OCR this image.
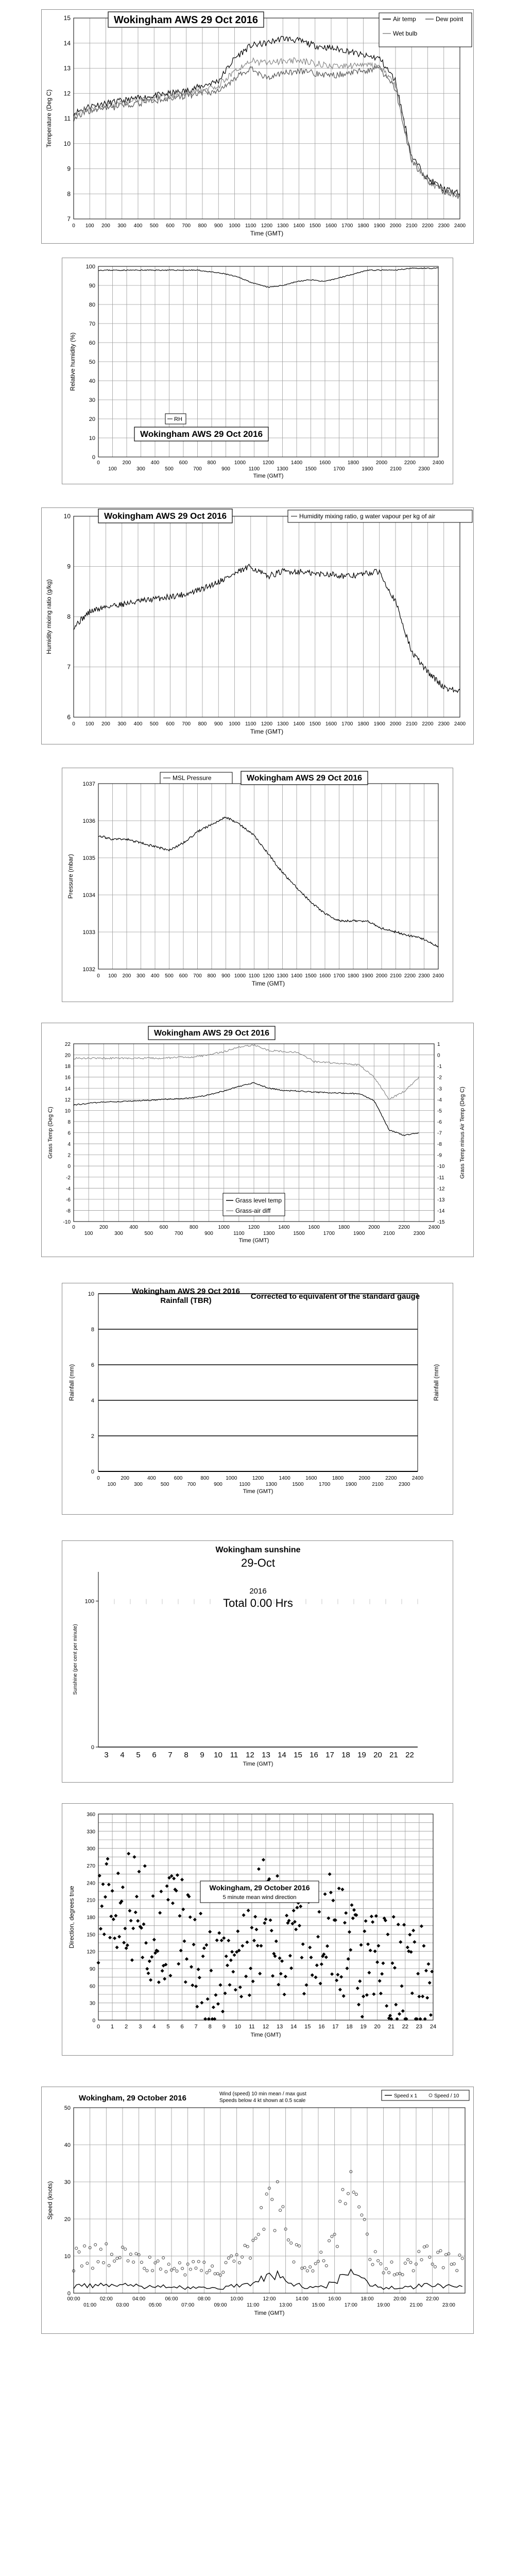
7
8
9
10
11
12
13
14
15
0 100 200 300 400 500 600 700 800 900 1000 1100 1200 1300 1400 1500 1600 1700 1800 1900 2000 2100 2200 2300 2400
Time (GMT)
Temperature (Deg C)
Wokingham AWS 29 Oct 2016	Air temp	Dew point
Wet bulb
0
10
20
30
40
50
60
70
80
90
100
0	200	400	600	800	1000	1200	1400	1600	1800	2000	2200	2400
100	300	500	700	900	1100	1300	1500	1700	1900	2100	2300
Time (GMT)
Relative humidity (%)
RH
Wokingham AWS 29 Oct 2016
6
7
8
9
10
0 100 200 300 400 500 600 700 800 900 1000 1100 1200 1300 1400 1500 1600 1700 1800 1900 2000 2100 2200 2300 2400
Time (GMT)
Humidity mixing ratio (g/kg)
Wokingham AWS 29 Oct 2016	Humidity mixing ratio, g water vapour per kg of air
1032
1033
1034
1035
1036
1037
0 100 200 300 400 500 600 700 800 900 1000 1100 1200 1300 1400 1500 1600 1700 1800 1900 2000 2100 2200 2300 2400
Time (GMT)
Pressure (mbar)
MSL Pressure	Wokingham AWS 29 Oct 2016
-10
-8
-6
-4
-2
0
2
4
6
8
10
12
14
16
18
20
22	1
0
-1
-2
-3
-4
-5
-6
-7
-8
-9
-10
-11
-12
-13
-14
-15
0	200	400	600	800	1000	1200	1400	1600	1800	2000	2200	2400
100	300	500	700	900	1100	1300	1500	1700	1900	2100	2300
Time (GMT)
Grass Temp (Deg C)	Grass Temp minus Air Temp (Deg C)
Wokingham AWS 29 Oct 2016
Grass level temp
Grass-air diff
0
2
4
6
8
10
0	200	400	600	800	1000	1200	1400	1600	1800	2000	2200	2400
100	300	500	700	900	1100	1300	1500	1700	1900	2100	2300
Time (GMT)
Rainfall (mm)	Rainfall (mm)
Wokingham AWS 29 Oct 2016
Rainfall (TBR)	Corrected to equivalent of the standard gauge
0
100
3 4 5 6 7 8 9 10 11 12 13 14 15 16 17 18 19 20 21 22
Time (GMT)
Sunshine (per cent per minute)
Wokingham sunshine
29-Oct
2016
Total 0.00 Hrs
0
30
60
90
120
150
180
210
240
270
300
330
360
0 1 2 3 4 5 6 7 8 9 10 11 12 13 14 15 16 17 18 19 20 21 22 23 24
Time (GMT)
Direction, degrees true	Wokingham, 29 October 2016
5 minute mean wind direction
0
10
20
30
40
50
00:00	02:00	04:00	06:00	08:00	10:00	12:00	14:00	16:00	18:00	20:00	22:00
01:00	03:00	05:00	07:00	09:00	11:00	13:00	15:00	17:00	19:00	21:00	23:00
Time (GMT)
Speed (knots)
Wokingham, 29 October 2016	Wind (speed) 10 min mean / max gust
Speeds below 4 kt shown at 0.5 scale
Speed x 1	Speed / 10
